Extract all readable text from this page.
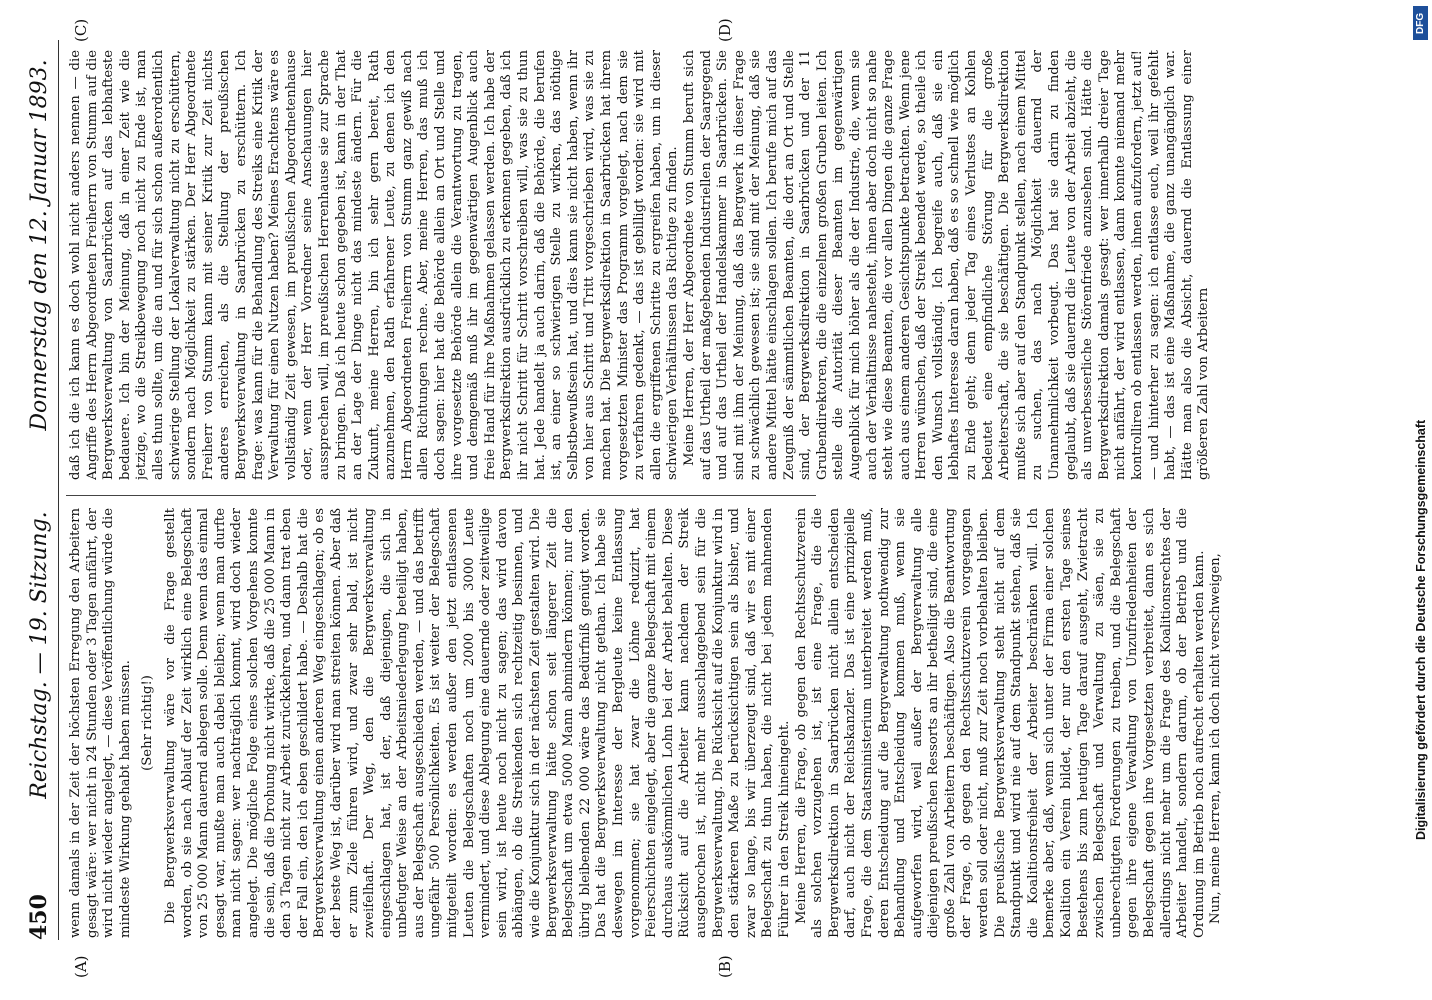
450
Reichstag. — 19. Sitzung.
Donnerstag den 12. Januar 1893.
(A)	(B)
(C)	(D)

wenn damals in der Zeit der höchsten Erregung den Arbeitern gesagt wäre: wer nicht in 24 Stunden oder 3 Tagen anfährt, der wird nicht wieder angelegt, — diese Veröffentlichung würde die mindeste Wirkung gehabt haben müssen. (Sehr richtig!) Die Bergwerksverwaltung wäre vor die Frage gestellt worden, ob sie nach Ablauf der Zeit wirklich eine Belegschaft von 25 000 Mann dauernd ablegen solle. Denn wenn das einmal gesagt war, mußte man auch dabei bleiben; wenn man durfte man nicht sagen: wer nachträglich kommt, wird doch wieder angelegt. Die mögliche Folge eines solchen Vorgehens konnte die sein, daß die Drohung nicht wirkte, daß die 25 000 Mann in den 3 Tagen nicht zur Arbeit zurückkehren, und dann trat eben der Fall ein, den ich eben geschildert habe. — Deshalb hat die Bergwerksverwaltung einen anderen Weg eingeschlagen; ob es der beste Weg ist, darüber wird man streiten können. Aber daß er zum Ziele führen wird, und zwar sehr bald, ist nicht zweifelhaft. Der Weg, den die Bergwerksverwaltung eingeschlagen hat, ist der, daß diejenigen, die sich in unbefugter Weise an der Arbeitsniederlegung beteiligt haben, aus der Belegschaft ausgeschieden werden, — und das betrifft ungefähr 500 Persönlichkeiten. Es ist weiter der Belegschaft mitgeteilt worden: es werden außer den jetzt entlassenen Leuten die Belegschaften noch um 2000 bis 3000 Leute vermindert, und diese Ablegung eine dauernde oder zeitweilige sein wird, ist heute noch nicht zu sagen; das wird davon abhängen, ob die Streikenden sich rechtzeitig besinnen, und wie die Konjunktur sich in der nächsten Zeit gestalten wird. Die Bergwerksverwaltung hätte schon seit längerer Zeit die Belegschaft um etwa 5000 Mann abmindern können; nur den übrig bleibenden 22 000 wäre das Bedürfniß genügt worden. Das hat die Bergwerksverwaltung nicht gethan. Ich habe sie deswegen im Interesse der Bergleute keine Entlassung vorgenommen; sie hat zwar die Löhne reduzirt, hat Feierschichten eingelegt, aber die ganze Belegschaft mit einem durchaus auskömmlichen Lohn bei der Arbeit behalten. Diese Rücksicht auf die Arbeiter kann nachdem der Streik ausgebrochen ist, nicht mehr ausschlaggebend sein für die Bergwerksverwaltung. Die Rücksicht auf die Konjunktur wird in den stärkeren Maße zu berücksichtigen sein als bisher, und zwar so lange, bis wir überzeugt sind, daß wir es mit einer Belegschaft zu thun haben, die nicht bei jedem mahnenden Führer in den Streik hineingeht. Meine Herren, die Frage, ob gegen den Rechtsschutzverein als solchen vorzugehen ist, ist eine Frage, die die Bergwerksdirektion in Saarbrücken nicht allein entscheiden darf, auch nicht der Reichskanzler. Das ist eine prinzipielle Frage, die dem Staatsministerium unterbreitet werden muß, deren Entscheidung auf die Bergverwaltung nothwendig zur Behandlung und Entscheidung kommen muß, wenn sie aufgeworfen wird, weil außer der Bergverwaltung alle diejenigen preußischen Ressorts an ihr betheiligt sind, die eine große Zahl von Arbeitern beschäftigen. Also die Beantwortung der Frage, ob gegen den Rechtsschutzverein vorgegangen werden soll oder nicht, muß zur Zeit noch vorbehalten bleiben. Die preußische Bergwerksverwaltung steht nicht auf dem Standpunkt und wird nie auf dem Standpunkt stehen, daß sie die Koalitionsfreiheit der Arbeiter beschränken will. Ich bemerke aber, daß, wenn sich unter der Firma einer solchen Koalition ein Verein bildet, der nur den ersten Tage seines Bestehens bis zum heutigen Tage darauf ausgeht, Zwietracht zwischen Belegschaft und Verwaltung zu säen, sie zu unberechtigten Forderungen zu treiben, und die Belegschaft gegen ihre eigene Verwaltung von Unzufriedenheiten der Belegschaft gegen ihre Vorgesetzten verbreitet, dann es sich allerdings nicht mehr um die Frage des Koalitionsrechtes der Arbeiter handelt, sondern darum, ob der Betrieb und die Ordnung im Betrieb noch aufrecht erhalten werden kann. Nun, meine Herren, kann ich doch nicht verschweigen,

daß ich die ich kann es doch wohl nicht anders nennen — die Angriffe des Herrn Abgeordneten Freiherrn von Stumm auf die Bergwerksverwaltung von Saarbrücken auf das lebhafteste bedauere. Ich bin der Meinung, daß in einer Zeit wie die jetzige, wo die Streikbewegung noch nicht zu Ende ist, man alles thun sollte, um die an und für sich schon außerordentlich schwierige Stellung der Lokalverwaltung nicht zu erschüttern, sondern nach Möglichkeit zu stärken. Der Herr Abgeordnete Freiherr von Stumm kann mit seiner Kritik zur Zeit nichts anderes erreichen, als die Stellung der preußischen Bergwerksverwaltung in Saarbrücken zu erschüttern. Ich frage: was kann für die Behandlung des Streiks eine Kritik der Verwaltung für einen Nutzen haben? Meines Erachtens wäre es vollständig Zeit gewesen, im preußischen Abgeordnetenhause oder, wenn der Herr Vorredner seine Anschauungen hier aussprechen will, im preußischen Herrenhause sie zur Sprache zu bringen. Daß ich heute schon gegeben ist, kann in der That an der Lage der Dinge nicht das mindeste ändern. Für die Zukunft, meine Herren, bin ich sehr gern bereit, Rath anzunehmen, den Rath erfahrener Leute, zu denen ich den Herrn Abgeordneten Freiherrn von Stumm ganz gewiß nach allen Richtungen rechne. Aber, meine Herren, das muß ich doch sagen: hier hat die Behörde allein an Ort und Stelle und ihre vorgesetzte Behörde allein die Verantwortung zu tragen, und demgemäß muß ihr im gegenwärtigen Augenblick auch freie Hand für ihre Maßnahmen gelassen werden. Ich habe der Bergwerksdirektion ausdrücklich zu erkennen gegeben, daß ich ihr nicht Schritt für Schritt vorschreiben will, was sie zu thun hat. Jede handelt ja auch darin, daß die Behörde, die berufen ist, an einer so schwierigen Stelle zu wirken, das nöthige Selbstbewußtsein hat, und dies kann sie nicht haben, wenn ihr von hier aus Schritt und Tritt vorgeschrieben wird, was sie zu machen hat. Die Bergwerksdirektion in Saarbrücken hat ihrem vorgesetzten Minister das Programm vorgelegt, nach dem sie zu verfahren gedenkt, — das ist gebilligt worden: sie wird mit allen die ergriffenen Schritte zu ergreifen haben, um in dieser schwierigen Verhältnissen das Richtige zu finden. Meine Herren, der Herr Abgeordnete von Stumm beruft sich auf das Urtheil der maßgebenden Industriellen der Saargegend und auf das Urtheil der Handelskammer in Saarbrücken. Sie sind mit ihm der Meinung, daß das Bergwerk in dieser Frage zu schwächlich gewesen ist; sie sind mit der Meinung, daß sie andere Mittel hätte einschlagen sollen. Ich berufe mich auf das Zeugniß der sämmtlichen Beamten, die dort an Ort und Stelle sind, der Bergwerksdirektion in Saarbrücken und der 11 Grubendirektoren, die die einzelnen großen Gruben leiten. Ich stelle die Autorität dieser Beamten im gegenwärtigen Augenblick für mich höher als die der Industrie, die, wenn sie auch der Verhältnisse nahesteht, ihnen aber doch nicht so nahe steht wie diese Beamten, die vor allen Dingen die ganze Frage auch aus einem anderen Gesichtspunkte betrachten. Wenn jene Herren wünschen, daß der Streik beendet werde, so theile ich den Wunsch vollständig. Ich begreife auch, daß sie ein lebhaftes Interesse daran haben, daß es so schnell wie möglich zu Ende geht; denn jeder Tag eines Verlustes an Kohlen bedeutet eine empfindliche Störung für die große Arbeiterschaft, die sie beschäftigen. Die Bergwerksdirektion mußte sich aber auf den Standpunkt stellen, nach einem Mittel zu suchen, das nach Möglichkeit dauernd der Unannehmlichkeit vorbeugt. Das hat sie darin zu finden geglaubt, daß sie dauernd die Leute von der Arbeit abzieht, die als unverbesserliche Störenfriede anzusehen sind. Hätte die Bergwerksdirektion damals gesagt: wer innerhalb dreier Tage nicht anfährt, der wird entlassen, dann konnte niemand mehr kontrolliren ob entlassen werden, ihnen aufzufordern, jetzt auf! — und hinterher zu sagen: ich entlasse euch, weil ihr gefehlt habt, — das ist eine Maßnahme, die ganz unangänglich war. Hätte man also die Absicht, dauernd die Entlassung einer größeren Zahl von Arbeitern

DFG
Digitalisierung gefördert durch die Deutsche Forschungsgemeinschaft
